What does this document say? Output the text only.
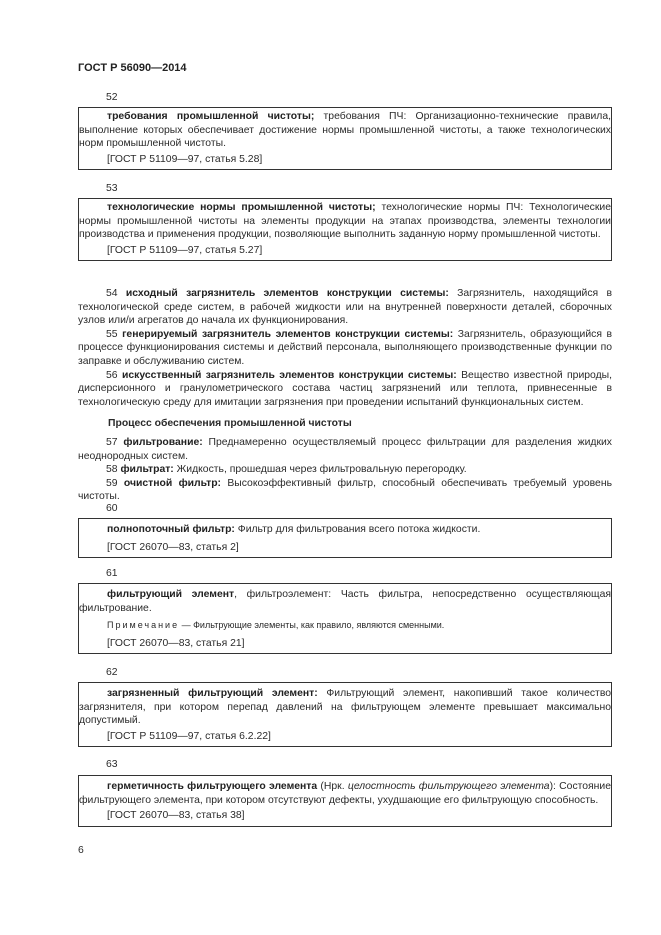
ГОСТ Р 56090—2014
52

требования промышленной чистоты; требования ПЧ: Организационно-технические правила, выполнение которых обеспечивает достижение нормы промышленной чистоты, а также технологических норм промышленной чистоты.

[ГОСТ Р 51109—97, статья 5.28]

53

технологические нормы промышленной чистоты; технологические нормы ПЧ: Технологические нормы промышленной чистоты на элементы продукции на этапах производства, элементы технологии производства и применения продукции, позволяющие выполнить заданную норму промышленной чистоты.

[ГОСТ Р 51109—97, статья 5.27]

54 исходный загрязнитель элементов конструкции системы: Загрязнитель, находящийся в технологической среде систем, в рабочей жидкости или на внутренней поверхности деталей, сборочных узлов или/и агрегатов до начала их функционирования.

55 генерируемый загрязнитель элементов конструкции системы: Загрязнитель, образующийся в процессе функционирования системы и действий персонала, выполняющего производственные функции по заправке и обслуживанию систем.

56 искусственный загрязнитель элементов конструкции системы: Вещество известной природы, дисперсионного и гранулометрического состава частиц загрязнений или теплота, привнесенные в технологическую среду для имитации загрязнения при проведении испытаний функциональных систем.

Процесс обеспечения промышленной чистоты

57 фильтрование: Преднамеренно осуществляемый процесс фильтрации для разделения жидких неоднородных систем.

58 фильтрат: Жидкость, прошедшая через фильтровальную перегородку.

59 очистной фильтр: Высокоэффективный фильтр, способный обеспечивать требуемый уровень чистоты.

60

полнопоточный фильтр: Фильтр для фильтрования всего потока жидкости.

[ГОСТ 26070—83, статья 2]

61

фильтрующий элемент, фильтроэлемент: Часть фильтра, непосредственно осуществляющая фильтрование.

Примечание — Фильтрующие элементы, как правило, являются сменными.

[ГОСТ 26070—83, статья 21]

62

загрязненный фильтрующий элемент: Фильтрующий элемент, накопивший такое количество загрязнителя, при котором перепад давлений на фильтрующем элементе превышает максимально допустимый.

[ГОСТ Р 51109—97, статья 6.2.22]

63

герметичность фильтрующего элемента (Нрк. целостность фильтрующего элемента): Состояние фильтрующего элемента, при котором отсутствуют дефекты, ухудшающие его фильтрующую способность.

[ГОСТ 26070—83, статья 38]

6
